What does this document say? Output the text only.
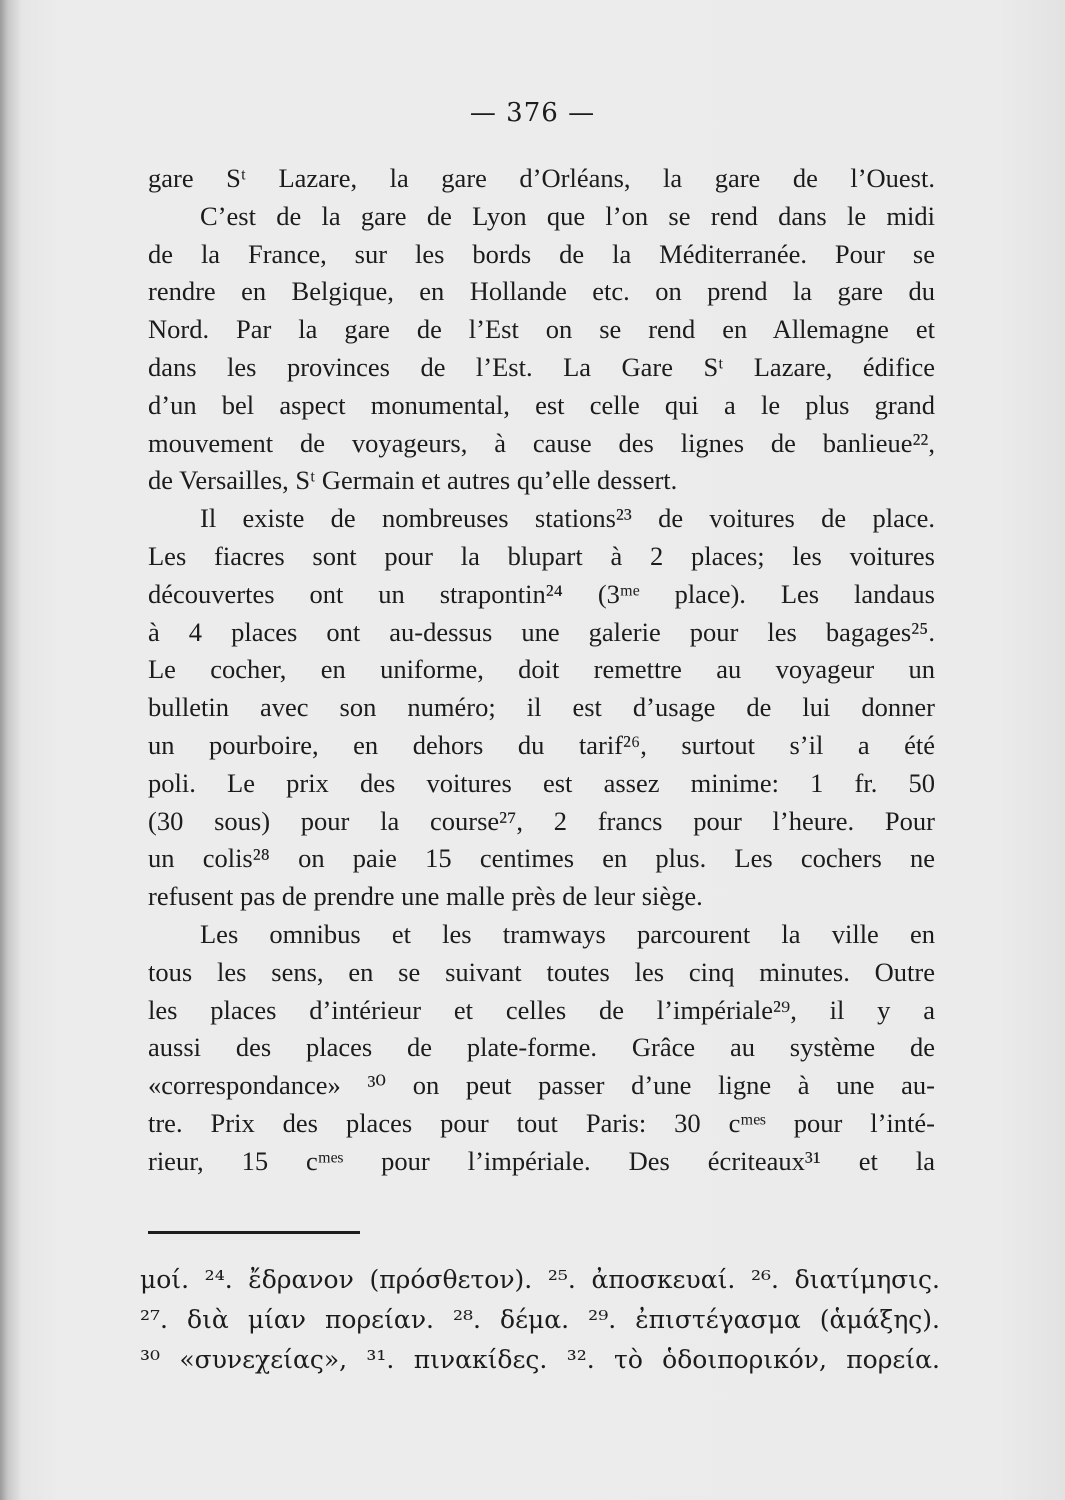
— 376 —
gare Sᵗ Lazare, la gare d’Orléans, la gare de l’Ouest.
C’est de la gare de Lyon que l’on se rend dans le midi
de la France, sur les bords de la Méditerranée. Pour se
rendre en Belgique, en Hollande etc. on prend la gare du
Nord. Par la gare de l’Est on se rend en Allemagne et
dans les provinces de l’Est. La Gare Sᵗ Lazare, édifice
d’un bel aspect monumental, est celle qui a le plus grand
mouvement de voyageurs, à cause des lignes de banlieue²²,
de Versailles, Sᵗ Germain et autres qu’elle dessert.
Il existe de nombreuses stations²³ de voitures de place.
Les fiacres sont pour la blupart à 2 places; les voitures
découvertes ont un strapontin²⁴ (3ᵐᵉ place). Les landaus
à 4 places ont au-dessus une galerie pour les bagages²⁵.
Le cocher, en uniforme, doit remettre au voyageur un
bulletin avec son numéro; il est d’usage de lui donner
un pourboire, en dehors du tarif²⁶, surtout s’il a été
poli. Le prix des voitures est assez minime: 1 fr. 50
(30 sous) pour la course²⁷, 2 francs pour l’heure. Pour
un colis²⁸ on paie 15 centimes en plus. Les cochers ne
refusent pas de prendre une malle près de leur siège.
Les omnibus et les tramways parcourent la ville en
tous les sens, en se suivant toutes les cinq minutes. Outre
les places d’intérieur et celles de l’impériale²⁹, il y a
aussi des places de plate-forme. Grâce au système de
«correspondance» ³⁰ on peut passer d’une ligne à une au-
tre. Prix des places pour tout Paris: 30 cᵐᵉˢ pour l’inté-
rieur, 15 cᵐᵉˢ pour l’impériale. Des écriteaux³¹ et la
μοί. ²⁴. ἔδρανον (πρόσθετον). ²⁵. ἀποσκευαί. ²⁶. διατίμησις.
²⁷. διὰ μίαν πορείαν. ²⁸. δέμα. ²⁹. ἐπιστέγασμα (ἁμάξης).
³⁰ «συνεχείας», ³¹. πινακίδες. ³². τὸ ὁδοιπορικόν, πορεία.
